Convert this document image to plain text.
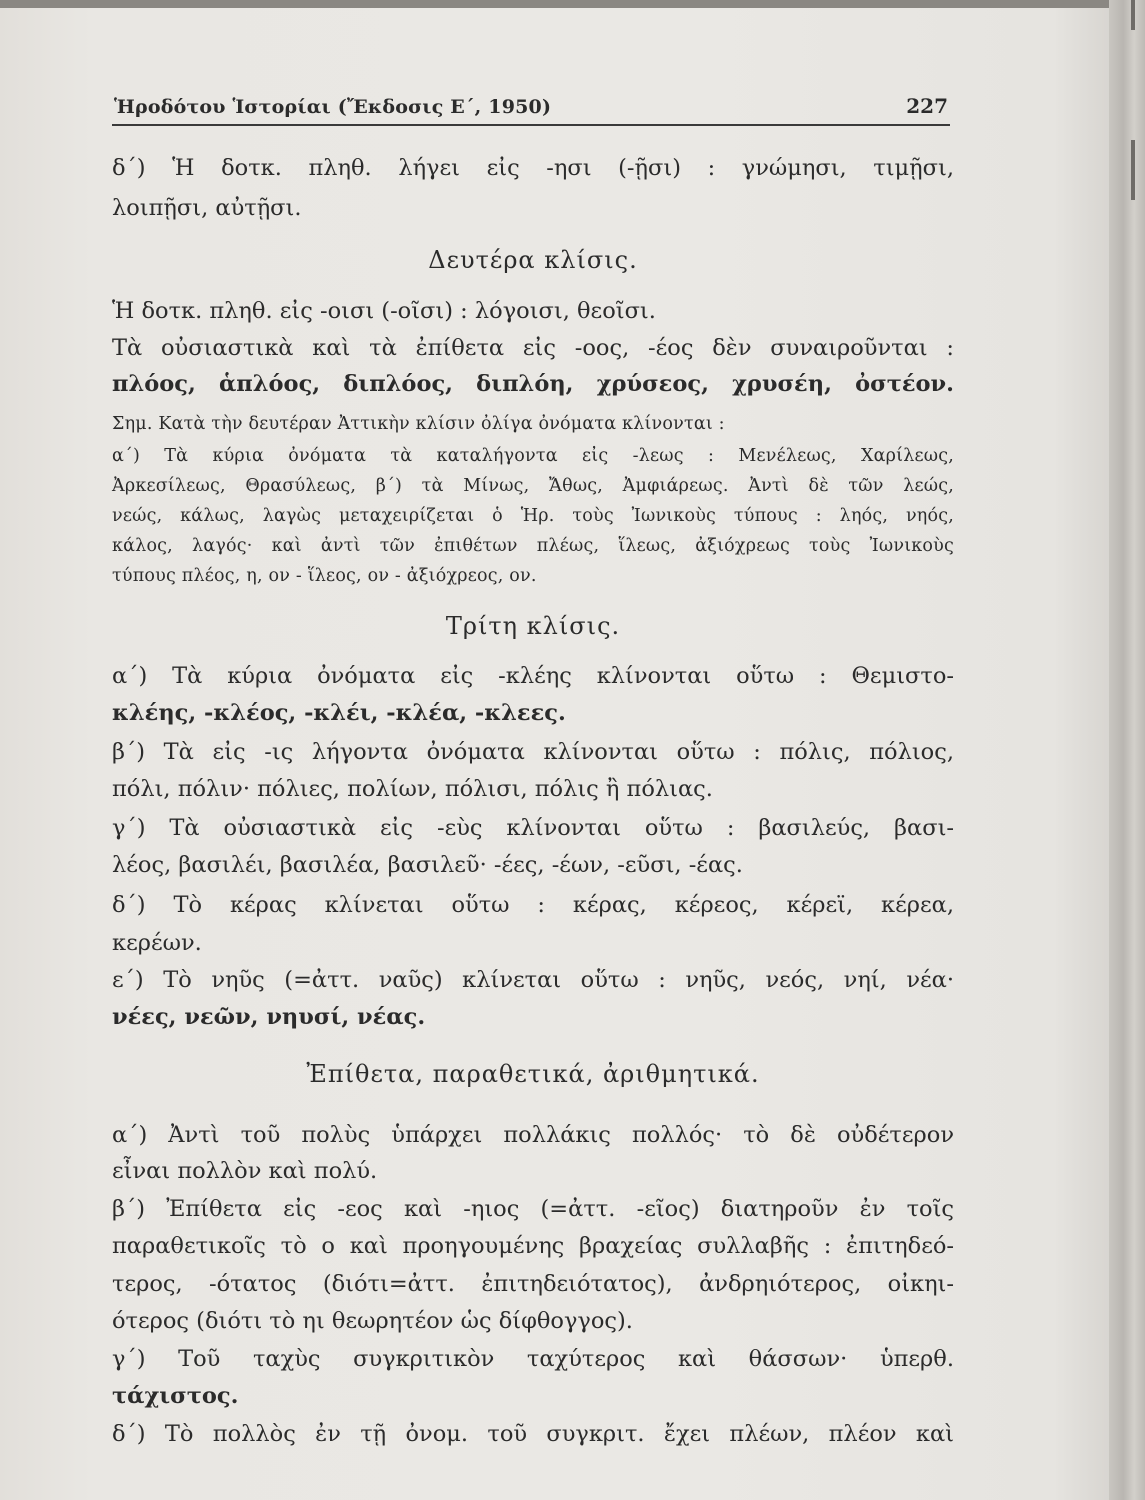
Ἡροδότου Ἱστορίαι (Ἔκδοσις Ε΄, 1950)	227
δ΄) Ἡ δοτκ. πληθ. λήγει εἰς -ησι (-ῇσι) : γνώμησι, τιμῇσι,
λοιπῇσι, αὐτῇσι.
Δευτέρα κλίσις.
Ἡ δοτκ. πληθ. εἰς -οισι (-οῖσι) : λόγοισι, θεοῖσι.
Τὰ οὐσιαστικὰ καὶ τὰ ἐπίθετα εἰς -οος, -έος δὲν συναιροῦνται :
πλόος, ἁπλόος, διπλόος, διπλόη, χρύσεος, χρυσέη, ὀστέον.
Σημ. Κατὰ τὴν δευτέραν Ἀττικὴν κλίσιν ὀλίγα ὀνόματα κλίνονται :
α΄) Τὰ κύρια ὀνόματα τὰ καταλήγοντα εἰς -λεως : Μενέλεως, Χαρίλεως,
Ἀρκεσίλεως, Θρασύλεως, β΄) τὰ Μίνως, Ἄθως, Ἀμφιάρεως. Ἀντὶ δὲ τῶν λεώς,
νεώς, κάλως, λαγὼς μεταχειρίζεται ὁ Ἡρ. τοὺς Ἰωνικοὺς τύπους : ληός, νηός,
κάλος, λαγός· καὶ ἀντὶ τῶν ἐπιθέτων πλέως, ἵλεως, ἀξιόχρεως τοὺς Ἰωνικοὺς
τύπους πλέος, η, ον - ἵλεος, ον - ἀξιόχρεος, ον.
Τρίτη κλίσις.
α΄) Τὰ κύρια ὀνόματα εἰς -κλέης κλίνονται οὕτω : Θεμιστο-
κλέης, -κλέος, -κλέι, -κλέα, -κλεες.
β΄) Τὰ εἰς -ις λήγοντα ὀνόματα κλίνονται οὕτω : πόλις, πόλιος,
πόλι, πόλιν· πόλιες, πολίων, πόλισι, πόλις ἢ πόλιας.
γ΄) Τὰ οὐσιαστικὰ εἰς -εὺς κλίνονται οὕτω : βασιλεύς, βασι-
λέος, βασιλέι, βασιλέα, βασιλεῦ· -έες, -έων, -εῦσι, -έας.
δ΄) Τὸ κέρας κλίνεται οὕτω : κέρας, κέρεος, κέρεϊ, κέρεα,
κερέων.
ε΄) Τὸ νηῦς (=ἀττ. ναῦς) κλίνεται οὕτω : νηῦς, νεός, νηί, νέα·
νέες, νεῶν, νηυσί, νέας.
Ἐπίθετα, παραθετικά, ἀριθμητικά.
α΄) Ἀντὶ τοῦ πολὺς ὑπάρχει πολλάκις πολλός· τὸ δὲ οὐδέτερον
εἶναι πολλὸν καὶ πολύ.
β΄) Ἐπίθετα εἰς -εος καὶ -ηιος (=ἀττ. -εῖος) διατηροῦν ἐν τοῖς
παραθετικοῖς τὸ ο καὶ προηγουμένης βραχείας συλλαβῆς : ἐπιτηδεό-
τερος, -ότατος (διότι=ἀττ. ἐπιτηδειότατος), ἀνδρηιότερος, οἰκηι-
ότερος (διότι τὸ ηι θεωρητέον ὡς δίφθογγος).
γ΄) Τοῦ ταχὺς συγκριτικὸν ταχύτερος καὶ θάσσων· ὑπερθ.
τάχιστος.
δ΄) Τὸ πολλὸς ἐν τῇ ὀνομ. τοῦ συγκριτ. ἔχει πλέων, πλέον καὶ
